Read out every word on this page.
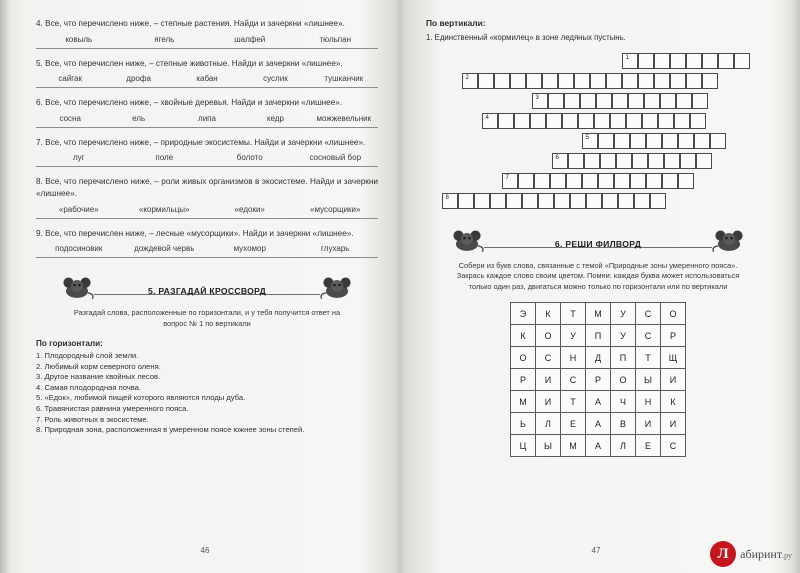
4. Все, что перечислено ниже, – степные растения. Найди и зачеркни «лишнее».
ковыль	ягель	шалфей	тюльпан
5. Все, что перечислен ниже, – степные животные. Найди и зачеркни «лишнее».
сайгак	дрофа	кабан	суслик	тушканчик
6. Все, что перечислено ниже, – хвойные деревья. Найди и зачеркни «лишнее».
сосна	ель	липа	кедр	можжевельник
7. Все, что перечислено ниже, – природные экосистемы. Найди и зачеркни «лишнее».
луг	поле	болото	сосновый бор
8. Все, что перечислено ниже, – роли живых организмов в экосистеме. Найди и зачеркни «лишнее».
«рабочие»	«кормильцы»	«едоки»	«мусорщики»
9. Все, что перечислен ниже, – лесные «мусорщики». Найди и зачеркни «лишнее».
подосиновик	дождевой червь	мухомор	глухарь
5. РАЗГАДАЙ КРОССВОРД
Разгадай слова, расположенные по горизонтали, и у тебя получится ответ на вопрос № 1 по вертикали
По горизонтали:
1. Плодородный слой земли.
2. Любимый корм северного оленя.
3. Другое название хвойных лесов.
4. Самая плодородная почва.
5. «Едок», любимой пищей которого являются плоды дуба.
6. Травянистая равнина умеренного пояса.
7. Роль животных в экосистеме.
8. Природная зона, расположенная в умеренном поясе южнее зоны степей.
46
По вертикали:
1. Единственный «кормилец» в зоне ледяных пустынь.
1
2
3
4
5
6
7
8
6. РЕШИ ФИЛВОРД
Собери из букв слова, связанные с темой «Природные зоны умеренного пояса». Закрась каждое слово своим цветом. Помни: каждая буква может использоваться только один раз, двигаться можно только по горизонтали или по вертикали
Э	К	Т	М	У	С	О
К	О	У	П	У	С	Р
О	С	Н	Д	П	Т	Щ
Р	И	С	Р	О	Ы	И
М	И	Т	А	Ч	Н	К
Ь	Л	Е	А	В	И	И
Ц	Ы	М	А	Л	Е	С
47	Л абиринт.ру
